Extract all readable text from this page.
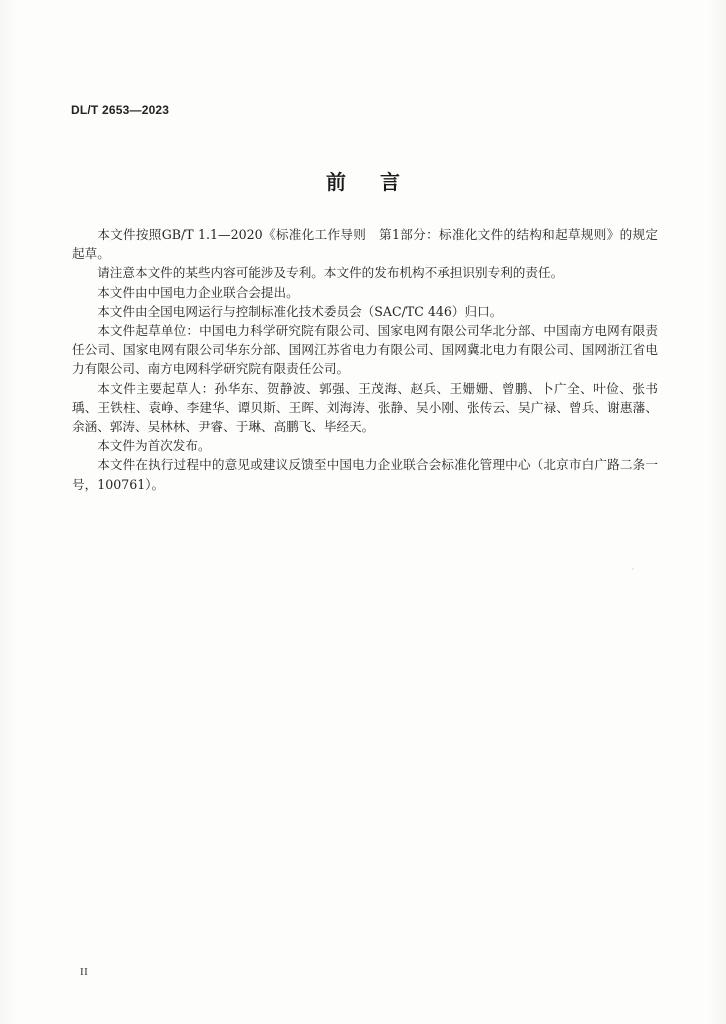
DL/T 2653—2023
前言

本文件按照GB/T 1.1—2020《标准化工作导则　第1部分：标准化文件的结构和起草规则》的规定起草。

请注意本文件的某些内容可能涉及专利。本文件的发布机构不承担识别专利的责任。

本文件由中国电力企业联合会提出。

本文件由全国电网运行与控制标准化技术委员会（SAC/TC 446）归口。

本文件起草单位：中国电力科学研究院有限公司、国家电网有限公司华北分部、中国南方电网有限责任公司、国家电网有限公司华东分部、国网江苏省电力有限公司、国网冀北电力有限公司、国网浙江省电力有限公司、南方电网科学研究院有限责任公司。

本文件主要起草人：孙华东、贺静波、郭强、王茂海、赵兵、王姗姗、曾鹏、卜广全、叶俭、张书瑀、王铁柱、袁峥、李建华、谭贝斯、王晖、刘海涛、张静、吴小刚、张传云、吴广禄、曾兵、谢惠藩、余涵、郭涛、吴林林、尹睿、于琳、高鹏飞、毕经天。

本文件为首次发布。

本文件在执行过程中的意见或建议反馈至中国电力企业联合会标准化管理中心（北京市白广路二条一号，100761）。

II
